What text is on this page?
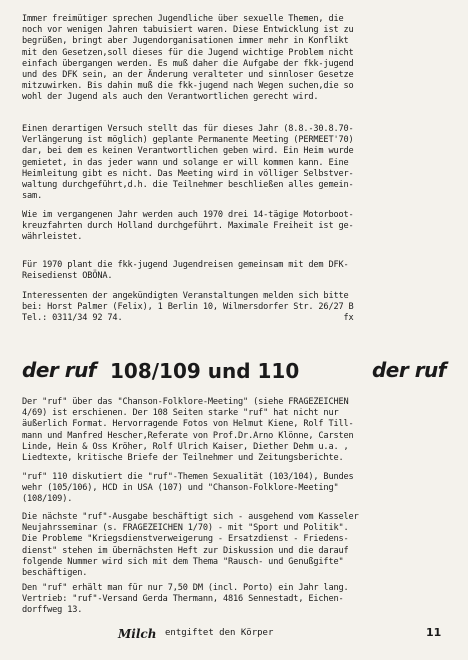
Immer freimütiger sprechen Jugendliche über sexuelle Themen, die
noch vor wenigen Jahren tabuisiert waren. Diese Entwicklung ist zu
begrüßen, bringt aber Jugendorganisationen immer mehr in Konflikt
mit den Gesetzen,soll dieses für die Jugend wichtige Problem nicht
einfach übergangen werden. Es muß daher die Aufgabe der fkk-jugend
und des DFK sein, an der Änderung veralteter und sinnloser Gesetze
mitzuwirken. Bis dahin muß die fkk-jugend nach Wegen suchen,die so
wohl der Jugend als auch den Verantwortlichen gerecht wird.
Einen derartigen Versuch stellt das für dieses Jahr (8.8.-30.8.70-
Verlängerung ist möglich) geplante Permanente Meeting (PERMEET'70)
dar, bei dem es keinen Verantwortlichen geben wird. Ein Heim wurde
gemietet, in das jeder wann und solange er will kommen kann. Eine
Heimleitung gibt es nicht. Das Meeting wird in völliger Selbstver-
waltung durchgeführt,d.h. die Teilnehmer beschließen alles gemein-
sam.
Wie im vergangenen Jahr werden auch 1970 drei 14-tägige Motorboot-
kreuzfahrten durch Holland durchgeführt. Maximale Freiheit ist ge-
währleistet.
Für 1970 plant die fkk-jugend Jugendreisen gemeinsam mit dem DFK-
Reisedienst OBÖNA.
Interessenten der angekündigten Veranstaltungen melden sich bitte
bei: Horst Palmer (Felix), 1 Berlin 10, Wilmersdorfer Str. 26/27 B
Tel.: 0311/34 92 74.                                            fx
der ruf 108/109 und 110	der ruf
Der "ruf" über das "Chanson-Folklore-Meeting" (siehe FRAGEZEICHEN
4/69) ist erschienen. Der 108 Seiten starke "ruf" hat nicht nur
äußerlich Format. Hervorragende Fotos von Helmut Kiene, Rolf Till-
mann und Manfred Hescher,Referate von Prof.Dr.Arno Klönne, Carsten
Linde, Hein & Oss Kröher, Rolf Ulrich Kaiser, Diether Dehm u.a. ,
Liedtexte, kritische Briefe der Teilnehmer und Zeitungsberichte.
"ruf" 110 diskutiert die "ruf"-Themen Sexualität (103/104), Bundes
wehr (105/106), HCD in USA (107) und "Chanson-Folklore-Meeting"
(108/109).
Die nächste "ruf"-Ausgabe beschäftigt sich - ausgehend vom Kasseler
Neujahrsseminar (s. FRAGEZEICHEN 1/70) - mit "Sport und Politik".
Die Probleme "Kriegsdienstverweigerung - Ersatzdienst - Friedens-
dienst" stehen im übernächsten Heft zur Diskussion und die darauf
folgende Nummer wird sich mit dem Thema "Rausch- und Genußgifte"
beschäftigen.
Den "ruf" erhält man für nur 7,50 DM (incl. Porto) ein Jahr lang.
Vertrieb: "ruf"-Versand Gerda Thermann, 4816 Sennestadt, Eichen-
dorffweg 13.
Milch entgiftet den Körper	11
